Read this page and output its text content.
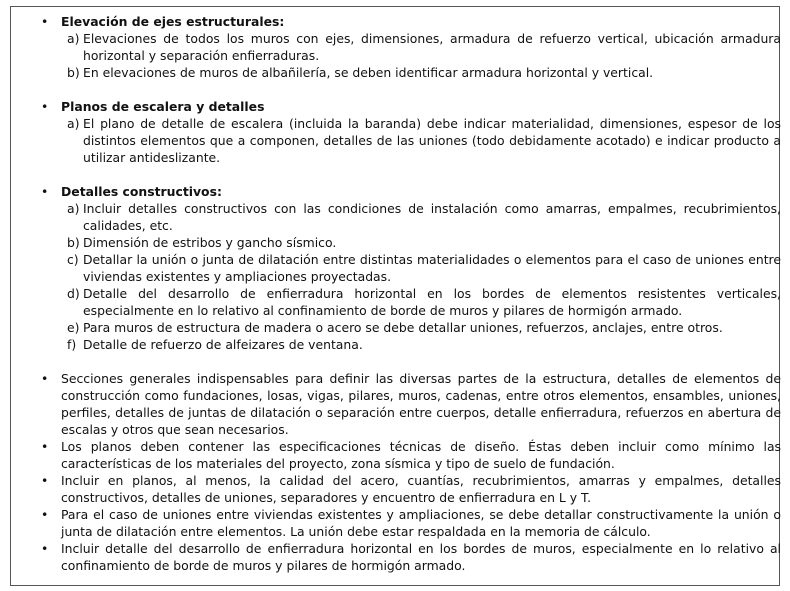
• Elevación de ejes estructurales:
a) Elevaciones de todos los muros con ejes, dimensiones, armadura de refuerzo vertical, ubicación armadura horizontal y separación enfierraduras.
b) En elevaciones de muros de albañilería, se deben identificar armadura horizontal y vertical.
• Planos de escalera y detalles
a) El plano de detalle de escalera (incluida la baranda) debe indicar materialidad, dimensiones, espesor de los distintos elementos que a componen, detalles de las uniones (todo debidamente acotado) e indicar producto a utilizar antideslizante.
• Detalles constructivos:
a) Incluir detalles constructivos con las condiciones de instalación como amarras, empalmes, recubrimientos, calidades, etc.
b) Dimensión de estribos y gancho sísmico.
c) Detallar la unión o junta de dilatación entre distintas materialidades o elementos para el caso de uniones entre viviendas existentes y ampliaciones proyectadas.
d) Detalle del desarrollo de enfierradura horizontal en los bordes de elementos resistentes verticales, especialmente en lo relativo al confinamiento de borde de muros y pilares de hormigón armado.
e) Para muros de estructura de madera o acero se debe detallar uniones, refuerzos, anclajes, entre otros.
f) Detalle de refuerzo de alfeizares de ventana.
• Secciones generales indispensables para definir las diversas partes de la estructura, detalles de elementos de construcción como fundaciones, losas, vigas, pilares, muros, cadenas, entre otros elementos, ensambles, uniones, perfiles, detalles de juntas de dilatación o separación entre cuerpos, detalle enfierradura, refuerzos en abertura de escalas y otros que sean necesarios.
• Los planos deben contener las especificaciones técnicas de diseño. Éstas deben incluir como mínimo las características de los materiales del proyecto, zona sísmica y tipo de suelo de fundación.
• Incluir en planos, al menos, la calidad del acero, cuantías, recubrimientos, amarras y empalmes, detalles constructivos, detalles de uniones, separadores y encuentro de enfierradura en L y T.
• Para el caso de uniones entre viviendas existentes y ampliaciones, se debe detallar constructivamente la unión o junta de dilatación entre elementos. La unión debe estar respaldada en la memoria de cálculo.
• Incluir detalle del desarrollo de enfierradura horizontal en los bordes de muros, especialmente en lo relativo al confinamiento de borde de muros y pilares de hormigón armado.
